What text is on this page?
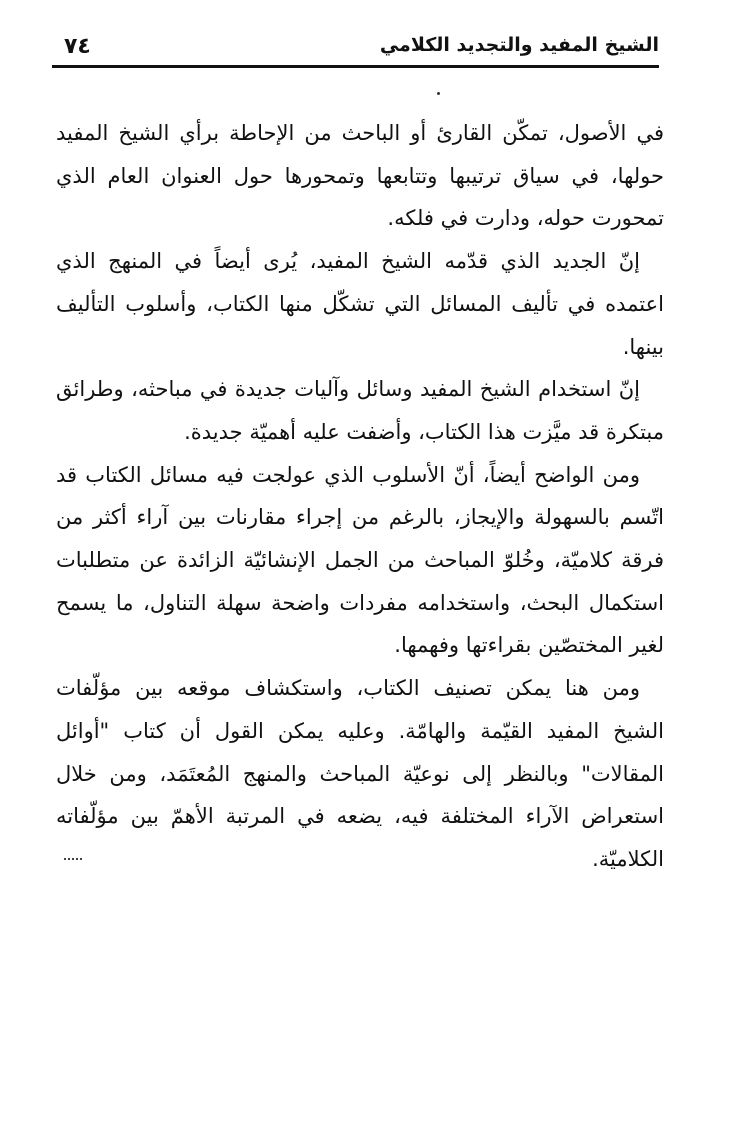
٧٤	الشيخ المفيد والتجديد الكلامي

في الأصول، تمكّن القارئ أو الباحث من الإحاطة برأي الشيخ المفيد حولها، في سياق ترتيبها وتتابعها وتمحورها حول العنوان العام الذي تمحورت حوله، ودارت في فلكه.

إنّ الجديد الذي قدّمه الشيخ المفيد، يُرى أيضاً في المنهج الذي اعتمده في تأليف المسائل التي تشكّل منها الكتاب، وأسلوب التأليف بينها.

إنّ استخدام الشيخ المفيد وسائل وآليات جديدة في مباحثه، وطرائق مبتكرة قد ميَّزت هذا الكتاب، وأضفت عليه أهميّة جديدة.

ومن الواضح أيضاً، أنّ الأسلوب الذي عولجت فيه مسائل الكتاب قد اتّسم بالسهولة والإيجاز، بالرغم من إجراء مقارنات بين آراء أكثر من فرقة كلاميّة، وخُلوّ المباحث من الجمل الإنشائيّة الزائدة عن متطلبات استكمال البحث، واستخدامه مفردات واضحة سهلة التناول، ما يسمح لغير المختصّين بقراءتها وفهمها.

ومن هنا يمكن تصنيف الكتاب، واستكشاف موقعه بين مؤلّفات الشيخ المفيد القيّمة والهامّة. وعليه يمكن القول أن كتاب "أوائل المقالات" وبالنظر إلى نوعيّة المباحث والمنهج المُعتَمَد، ومن خلال استعراض الآراء المختلفة فيه، يضعه في المرتبة الأهمّ بين مؤلّفاته الكلاميّة.
